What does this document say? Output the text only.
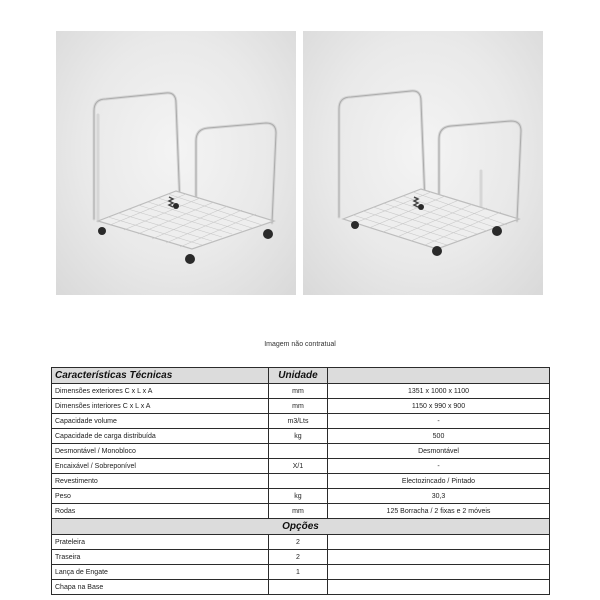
Imagem não contratual
Características Técnicas	Unidade	
Dimensões exteriores C x L x A	mm	1351 x 1000 x 1100
Dimensões interiores C x L x A	mm	1150 x 990 x 900
Capacidade volume	m3/Lts	-
Capacidade de carga distribuída	kg	500
Desmontável / Monobloco		Desmontável
Encaixável / Sobreponível	X/1	-
Revestimento		Electozincado / Pintado
Peso	kg	30,3
Rodas	mm	125 Borracha / 2 fixas e 2 móveis
Opções		
Prateleira	2	
Traseira	2	
Lança de Engate	1	
Chapa na Base		
